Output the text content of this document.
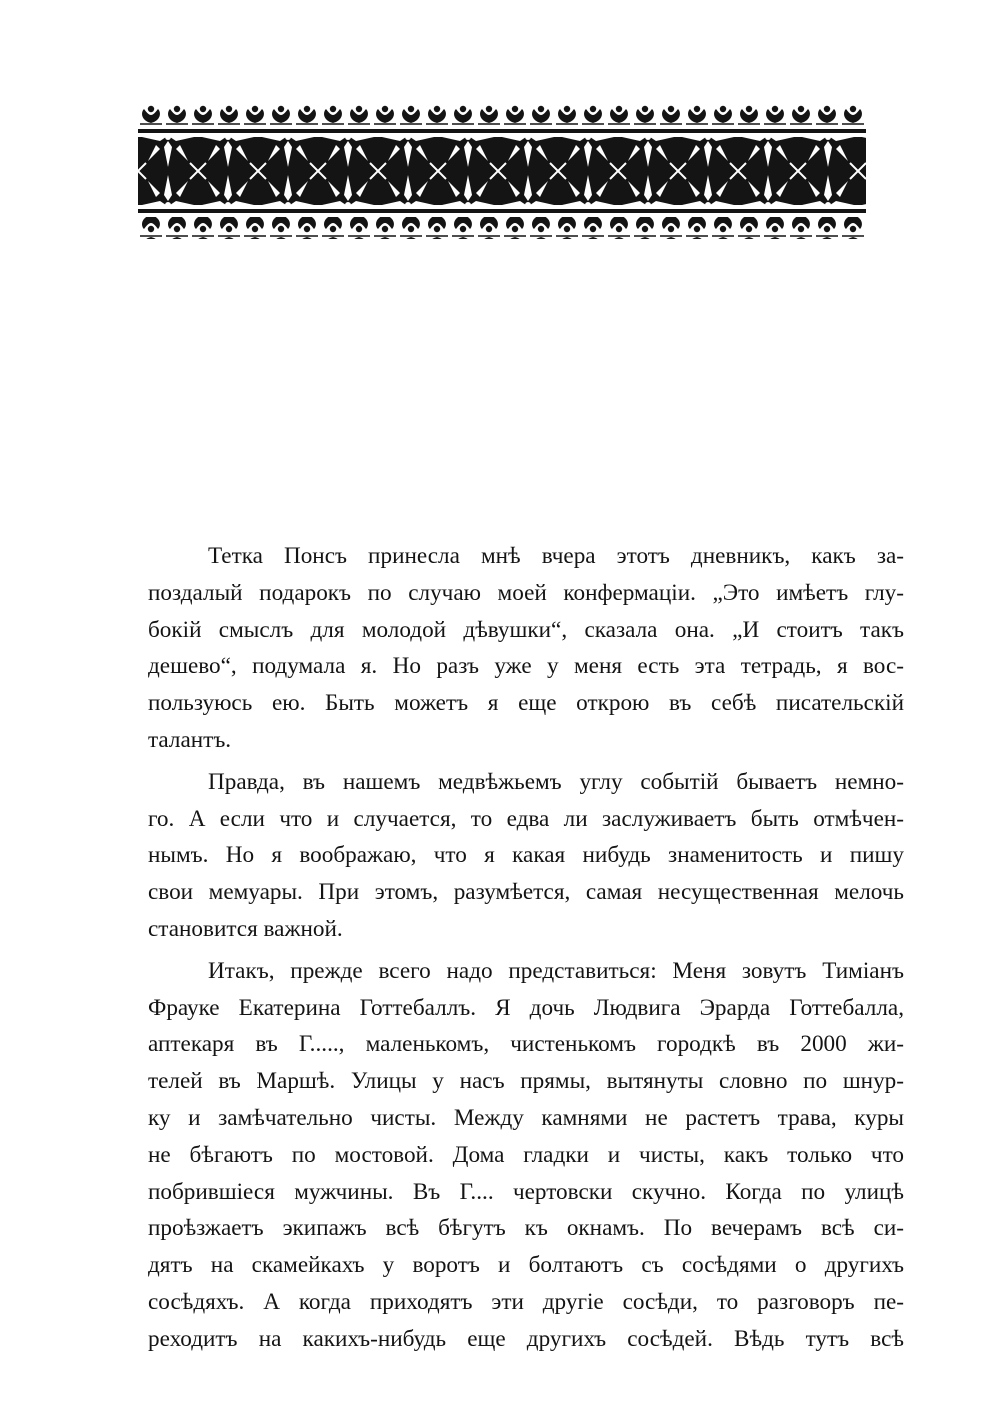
Тетка Понсъ принесла мнѣ вчера этотъ дневникъ, какъ за-
поздалый подарокъ по случаю моей конфермаціи. „Это имѣетъ глу-
бокій смыслъ для молодой дѣвушки“, сказала она. „И стоитъ такъ
дешево“, подумала я. Но разъ уже у меня есть эта тетрадь, я вос-
пользуюсь ею. Быть можетъ я еще открою въ себѣ писательскій
талантъ.
Правда, въ нашемъ медвѣжьемъ углу событій бываетъ немно-
го. А если что и случается, то едва ли заслуживаетъ быть отмѣчен-
нымъ. Но я воображаю, что я какая нибудь знаменитость и пишу
свои мемуары. При этомъ, разумѣется, самая несущественная мелочь
становится важной.
Итакъ, прежде всего надо представиться: Меня зовутъ Тиміанъ
Фрауке Екатерина Готтебаллъ. Я дочь Людвига Эрарда Готтебалла,
аптекаря въ Г....., маленькомъ, чистенькомъ городкѣ въ 2000 жи-
телей въ Маршѣ. Улицы у насъ прямы, вытянуты словно по шнур-
ку и замѣчательно чисты. Между камнями не растетъ трава, куры
не бѣгаютъ по мостовой. Дома гладки и чисты, какъ только что
побрившіеся мужчины. Въ Г.... чертовски скучно. Когда по улицѣ
проѣзжаетъ экипажъ всѣ бѣгутъ къ окнамъ. По вечерамъ всѣ си-
дятъ на скамейкахъ у воротъ и болтаютъ съ сосѣдями о другихъ
сосѣдяхъ. А когда приходятъ эти другіе сосѣди, то разговоръ пе-
реходитъ на какихъ-нибудь еще другихъ сосѣдей. Вѣдь тутъ всѣ
